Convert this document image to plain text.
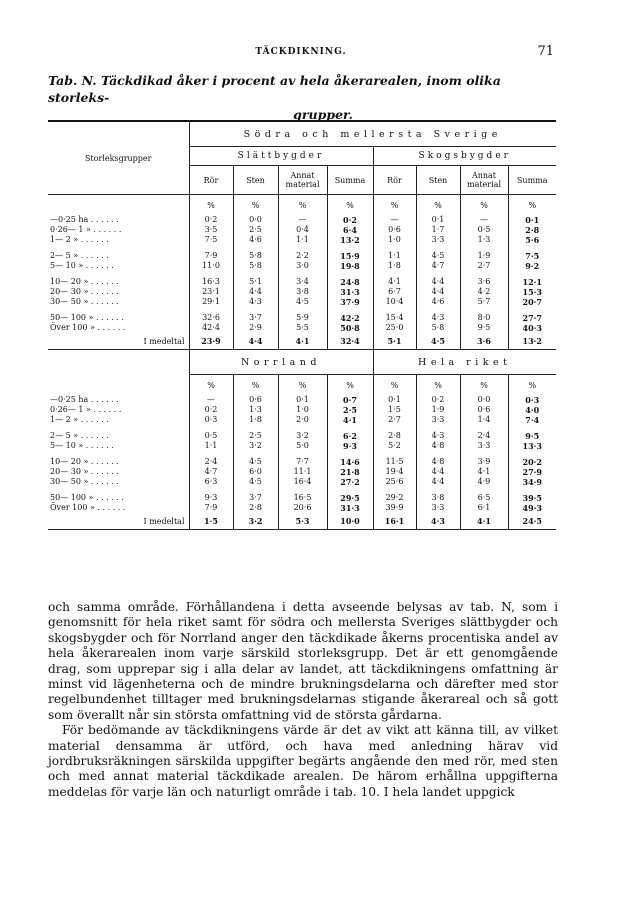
TÄCKDIKNING.	71
Tab. N. Täckdikad åker i procent av hela åkerarealen, inom olika storleks-
grupper.
Storleksgrupper	Södra och mellersta Sverige							
	Slättbygder				Skogsbygder			
	Rör	Sten	Annat material	Summa	Rör	Sten	Annat material	Summa
	%	%	%	%	%	%	%	%
—0·25 ha . . . . . .	0·2	0·0	—	0·2	—	0·1	—	0·1
0·26— 1 » . . . . . .	3·5	2·5	0·4	6·4	0·6	1·7	0·5	2·8
1— 2 » . . . . . .	7·5	4·6	1·1	13·2	1·0	3·3	1·3	5·6

2— 5 » . . . . . .	7·9	5·8	2·2	15·9	1·1	4·5	1·9	7·5
5— 10 » . . . . . .	11·0	5·8	3·0	19·8	1·8	4·7	2·7	9·2

10— 20 » . . . . . .	16·3	5·1	3·4	24·8	4·1	4·4	3·6	12·1
20— 30 » . . . . . .	23·1	4·4	3·8	31·3	6·7	4·4	4·2	15·3
30— 50 » . . . . . .	29·1	4·3	4·5	37·9	10·4	4·6	5·7	20·7

50— 100 » . . . . . .	32·6	3·7	5·9	42·2	15·4	4·3	8·0	27·7
Över 100 » . . . . . .	42·4	2·9	5·5	50·8	25·0	5·8	9·5	40·3
I medeltal	23·9	4·4	4·1	32·4	5·1	4·5	3·6	13·2
	Norrland				Hela riket			
	%	%	%	%	%	%	%	%
—0·25 ha . . . . . .	—	0·6	0·1	0·7	0·1	0·2	0·0	0·3
0·26— 1 » . . . . . .	0·2	1·3	1·0	2·5	1·5	1·9	0·6	4·0
1— 2 » . . . . . .	0·3	1·8	2·0	4·1	2·7	3·3	1·4	7·4

2— 5 » . . . . . .	0·5	2·5	3·2	6·2	2·8	4·3	2·4	9·5
5— 10 » . . . . . .	1·1	3·2	5·0	9·3	5·2	4·8	3·3	13·3

10— 20 » . . . . . .	2·4	4·5	7·7	14·6	11·5	4·8	3·9	20·2
20— 30 » . . . . . .	4·7	6·0	11·1	21·8	19·4	4·4	4·1	27·9
30— 50 » . . . . . .	6·3	4·5	16·4	27·2	25·6	4·4	4·9	34·9

50— 100 » . . . . . .	9·3	3·7	16·5	29·5	29·2	3·8	6·5	39·5
Över 100 » . . . . . .	7·9	2·8	20·6	31·3	39·9	3·3	6·1	49·3
I medeltal	1·5	3·2	5·3	10·0	16·1	4·3	4·1	24·5

och samma område. Förhållandena i detta avseende belysas av tab. N, som i genomsnitt för hela riket samt för södra och mellersta Sveriges slättbygder och skogsbygder och för Norrland anger den täckdikade åkerns procentiska andel av hela åkerarealen inom varje särskild storleksgrupp. Det är ett genomgående drag, som upprepar sig i alla delar av landet, att täckdikningens omfattning är minst vid lägenheterna och de mindre brukningsdelarna och därefter med stor regelbundenhet tilltager med brukningsdelarnas stigande åkerareal och så gott som överallt når sin största omfattning vid de största gårdarna.

För bedömande av täckdikningens värde är det av vikt att känna till, av vilket material densamma är utförd, och hava med anledning härav vid jordbruksräkningen särskilda uppgifter begärts angående den med rör, med sten och med annat material täckdikade arealen. De härom erhållna uppgifterna meddelas för varje län och naturligt område i tab. 10. I hela landet uppgick
